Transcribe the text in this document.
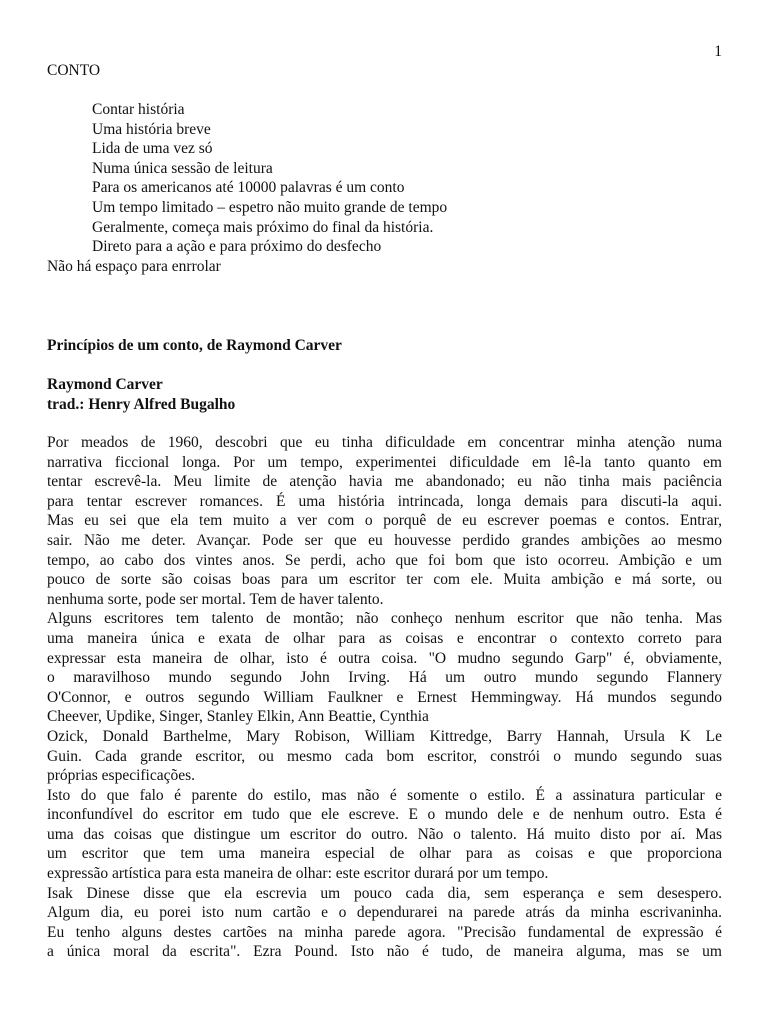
1
CONTO
Contar história
Uma história breve
Lida de uma vez só
Numa única sessão de leitura
Para os americanos até 10000 palavras é um conto
Um tempo limitado – espetro não muito grande de tempo
Geralmente, começa mais próximo do final da história.
Direto para a ação e para próximo do desfecho
Não há espaço para enrrolar
Princípios de um conto, de Raymond Carver
Raymond Carver
trad.: Henry Alfred Bugalho
Por meados de 1960, descobri que eu tinha dificuldade em concentrar minha atenção numa
narrativa ficcional longa. Por um tempo, experimentei dificuldade em lê-la tanto quanto em
tentar escrevê-la. Meu limite de atenção havia me abandonado; eu não tinha mais paciência
para tentar escrever romances. É uma história intrincada, longa demais para discuti-la aqui.
Mas eu sei que ela tem muito a ver com o porquê de eu escrever poemas e contos. Entrar,
sair. Não me deter. Avançar. Pode ser que eu houvesse perdido grandes ambições ao mesmo
tempo, ao cabo dos vintes anos. Se perdi, acho que foi bom que isto ocorreu. Ambição e um
pouco de sorte são coisas boas para um escritor ter com ele. Muita ambição e má sorte, ou
nenhuma sorte, pode ser mortal. Tem de haver talento.
Alguns escritores tem talento de montão; não conheço nenhum escritor que não tenha. Mas
uma maneira única e exata de olhar para as coisas e encontrar o contexto correto para
expressar esta maneira de olhar, isto é outra coisa. "O mudno segundo Garp" é, obviamente,
o maravilhoso mundo segundo John Irving. Há um outro mundo segundo Flannery
O'Connor, e outros segundo William Faulkner e Ernest Hemmingway. Há mundos segundo
Cheever, Updike, Singer, Stanley Elkin, Ann Beattie, Cynthia
Ozick, Donald Barthelme, Mary Robison, William Kittredge, Barry Hannah, Ursula K Le
Guin. Cada grande escritor, ou mesmo cada bom escritor, constrói o mundo segundo suas
próprias especificações.
Isto do que falo é parente do estilo, mas não é somente o estilo. É a assinatura particular e
inconfundível do escritor em tudo que ele escreve. E o mundo dele e de nenhum outro. Esta é
uma das coisas que distingue um escritor do outro. Não o talento. Há muito disto por aí. Mas
um escritor que tem uma maneira especial de olhar para as coisas e que proporciona
expressão artística para esta maneira de olhar: este escritor durará por um tempo.
Isak Dinese disse que ela escrevia um pouco cada dia, sem esperança e sem desespero.
Algum dia, eu porei isto num cartão e o dependurarei na parede atrás da minha escrivaninha.
Eu tenho alguns destes cartões na minha parede agora. "Precisão fundamental de expressão é
a única moral da escrita". Ezra Pound. Isto não é tudo, de maneira alguma, mas se um
